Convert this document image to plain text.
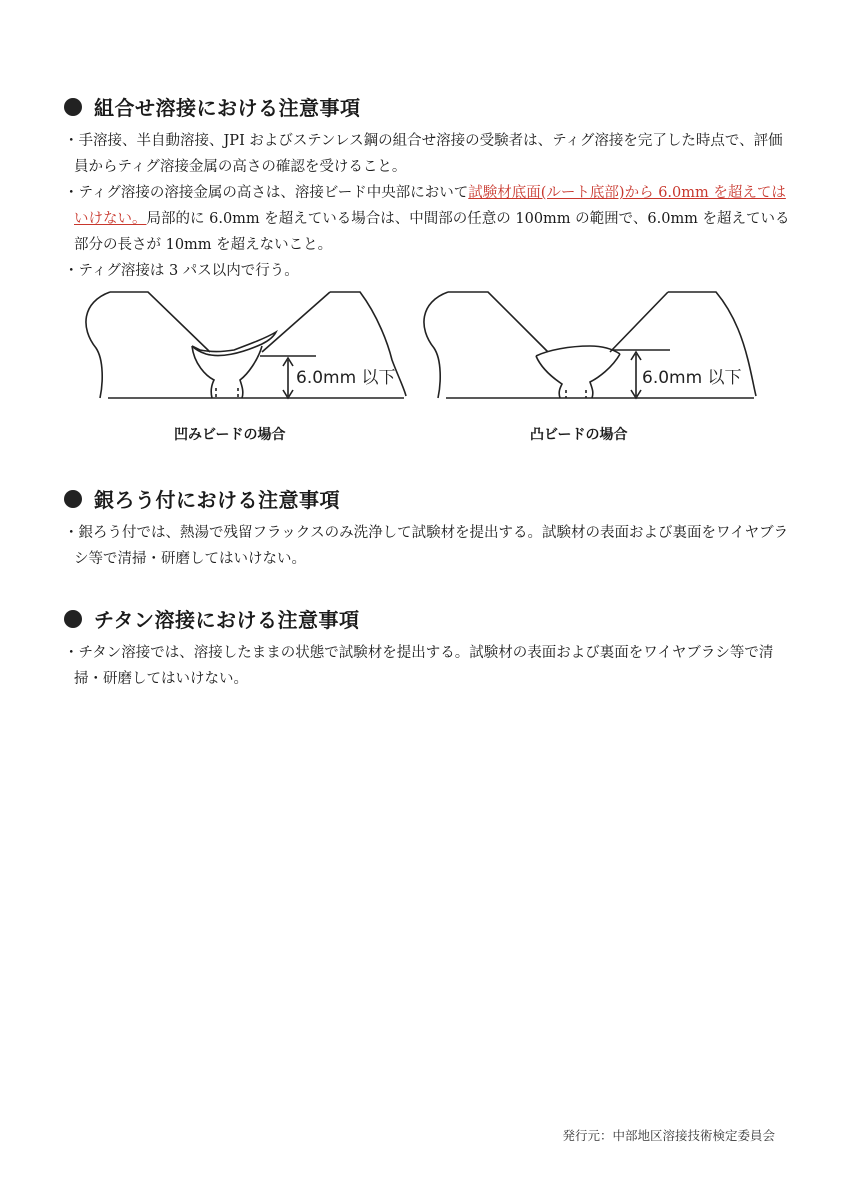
組合せ溶接における注意事項

・手溶接、半自動溶接、JPI およびステンレス鋼の組合せ溶接の受験者は、ティグ溶接を完了した時点で、評価員からティグ溶接金属の高さの確認を受けること。

・ティグ溶接の溶接金属の高さは、溶接ビード中央部において試験材底面(ルート底部)から 6.0mm を超えてはいけない。局部的に 6.0mm を超えている場合は、中間部の任意の 100mm の範囲で、6.0mm を超えている部分の長さが 10mm を超えないこと。

・ティグ溶接は 3 パス以内で行う。

6.0mm 以下	6.0mm 以下
凹みビードの場合	凸ビードの場合
銀ろう付における注意事項

・銀ろう付では、熱湯で残留フラックスのみ洗浄して試験材を提出する。試験材の表面および裏面をワイヤブラシ等で清掃・研磨してはいけない。

チタン溶接における注意事項

・チタン溶接では、溶接したままの状態で試験材を提出する。試験材の表面および裏面をワイヤブラシ等で清掃・研磨してはいけない。

発行元：中部地区溶接技術検定委員会
